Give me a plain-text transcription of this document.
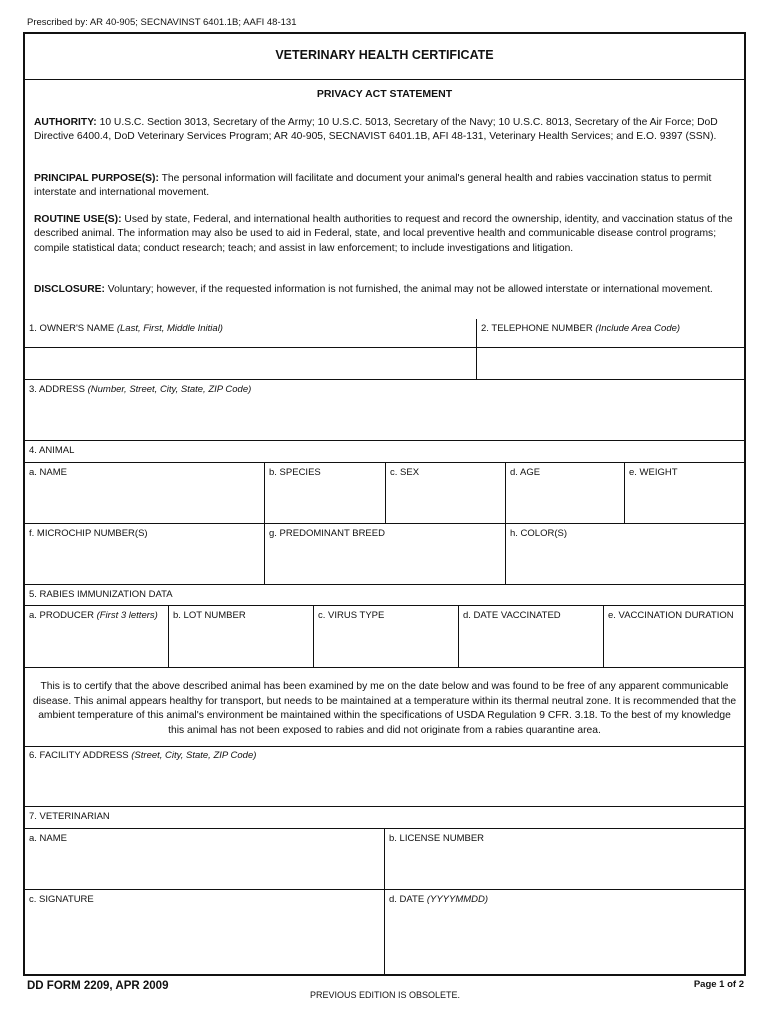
Prescribed by: AR 40-905; SECNAVINST 6401.1B; AAFI 48-131
VETERINARY HEALTH CERTIFICATE
PRIVACY ACT STATEMENT

AUTHORITY: 10 U.S.C. Section 3013, Secretary of the Army; 10 U.S.C. 5013, Secretary of the Navy; 10 U.S.C. 8013, Secretary of the Air Force; DoD Directive 6400.4, DoD Veterinary Services Program; AR 40-905, SECNAVIST 6401.1B, AFI 48-131, Veterinary Health Services; and E.O. 9397 (SSN).

PRINCIPAL PURPOSE(S): The personal information will facilitate and document your animal's general health and rabies vaccination status to permit interstate and international movement.

ROUTINE USE(S): Used by state, Federal, and international health authorities to request and record the ownership, identity, and vaccination status of the described animal. The information may also be used to aid in Federal, state, and local preventive health and communicable disease control programs; compile statistical data; conduct research; teach; and assist in law enforcement; to include investigations and litigation.

DISCLOSURE: Voluntary; however, if the requested information is not furnished, the animal may not be allowed interstate or international movement.

1. OWNER'S NAME (Last, First, Middle Initial)	2. TELEPHONE NUMBER (Include Area Code)
3. ADDRESS (Number, Street, City, State, ZIP Code)
4. ANIMAL
a. NAME	b. SPECIES	c. SEX	d. AGE	e. WEIGHT
f. MICROCHIP NUMBER(S)	g. PREDOMINANT BREED	h. COLOR(S)
5. RABIES IMMUNIZATION DATA
a. PRODUCER (First 3 letters) b. LOT NUMBER	c. VIRUS TYPE	d. DATE VACCINATED	e. VACCINATION DURATION
This is to certify that the above described animal has been examined by me on the date below and was found to be free of any apparent communicable disease. This animal appears healthy for transport, but needs to be maintained at a temperature within its thermal neutral zone. It is recommended that the ambient temperature of this animal's environment be maintained within the specifications of USDA Regulation 9 CFR. 3.18. To the best of my knowledge this animal has not been exposed to rabies and did not originate from a rabies quarantine area.
6. FACILITY ADDRESS (Street, City, State, ZIP Code)
7. VETERINARIAN
a. NAME	b. LICENSE NUMBER
c. SIGNATURE	d. DATE (YYYYMMDD)
DD FORM 2209, APR 2009
PREVIOUS EDITION IS OBSOLETE.
Page 1 of 2
